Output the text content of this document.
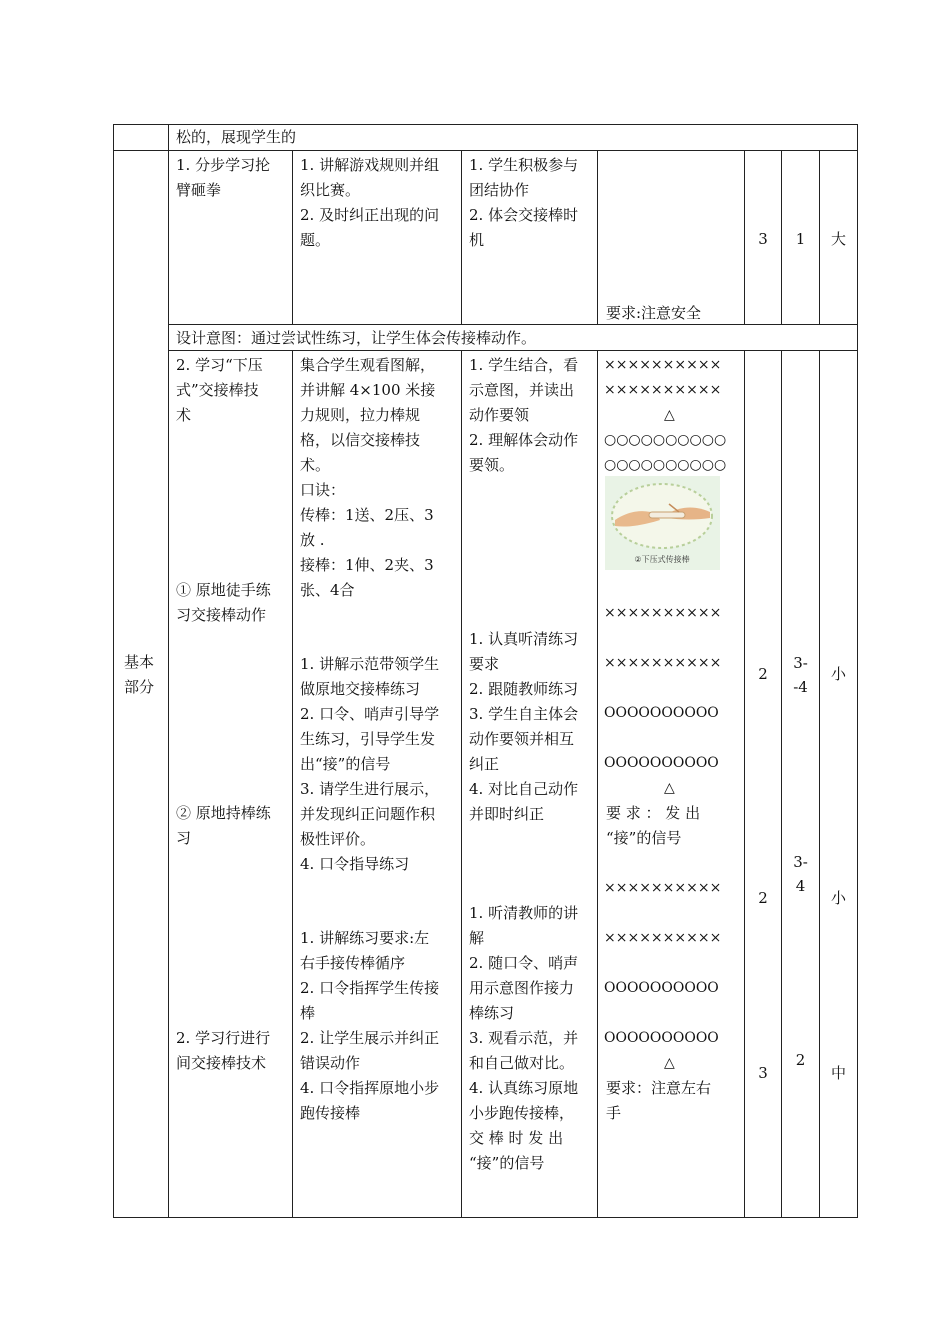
松的，展现学生的
1. 分步学习抡
臂砸拳
1. 讲解游戏规则并组
织比赛。
2. 及时纠正出现的问
题。
1. 学生积极参与
团结协作
2. 体会交接棒时
机
要求:注意安全
3	1	大
设计意图：通过尝试性练习，让学生体会传接棒动作。
基本
部分
2. 学习“下压
式”交接棒技
术
① 原地徒手练
习交接棒动作
② 原地持棒练
习
2. 学习行进行
间交接棒技术
集合学生观看图解，
并讲解 4×100 米接
力规则，拉力棒规
格，以信交接棒技
术。
口诀：
传棒：1送、2压、3
放 .
接棒：1伸、2夹、3
张、4合
1. 讲解示范带领学生
做原地交接棒练习
2. 口令、哨声引导学
生练习，引导学生发
出“接”的信号
3. 请学生进行展示，
并发现纠正问题作积
极性评价。
4. 口令指导练习
1. 讲解练习要求:左
右手接传棒循序
2. 口令指挥学生传接
棒
2. 让学生展示并纠正
错误动作
4. 口令指挥原地小步
跑传接棒
1. 学生结合，看
示意图，并读出
动作要领
2. 理解体会动作
要领。
1. 认真听清练习
要求
2. 跟随教师练习
3. 学生自主体会
动作要领并相互
纠正
4. 对比自己动作
并即时纠正
1. 听清教师的讲
解
2. 随口令、哨声
用示意图作接力
棒练习
3. 观看示范，并
和自己做对比。
4. 认真练习原地
小步跑传接棒，
交 棒 时 发 出
“接”的信号
××××××××××
××××××××××
△
○○○○○○○○○○
○○○○○○○○○○
②下压式传接棒
××××××××××
××××××××××
OOOOOOOOOO
OOOOOOOOOO
△
要 求 ： 发 出
“接”的信号
××××××××××
××××××××××
OOOOOOOOOO
OOOOOOOOOO
△
要求：注意左右
手
2
3-
-4
小
2
3-
4
小
3
2
中
